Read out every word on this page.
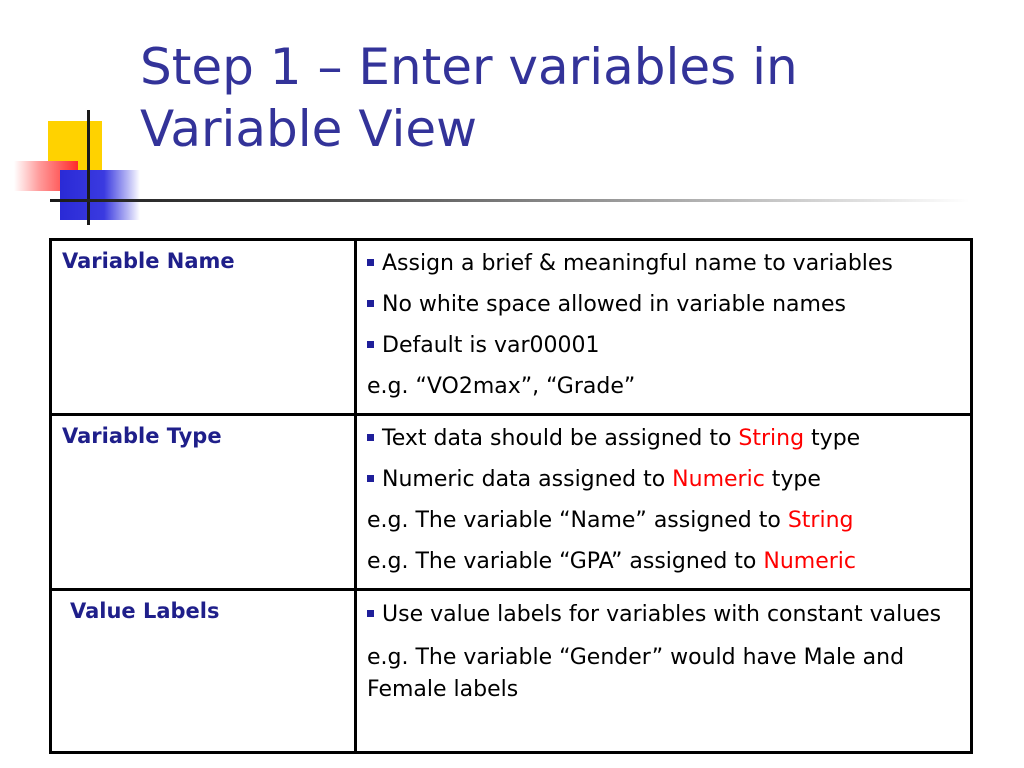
Step 1 – Enter variables in
Variable View
Variable Name	Assign a brief & meaningful name to variables
No white space allowed in variable names
Default is var00001
e.g. “VO2max”, “Grade”

Variable Type	Text data should be assigned to String type
Numeric data assigned to Numeric type
e.g. The variable “Name” assigned to String
e.g. The variable “GPA” assigned to Numeric

Value Labels	Use value labels for variables with constant values
e.g. The variable “Gender” would have Male and Female labels
